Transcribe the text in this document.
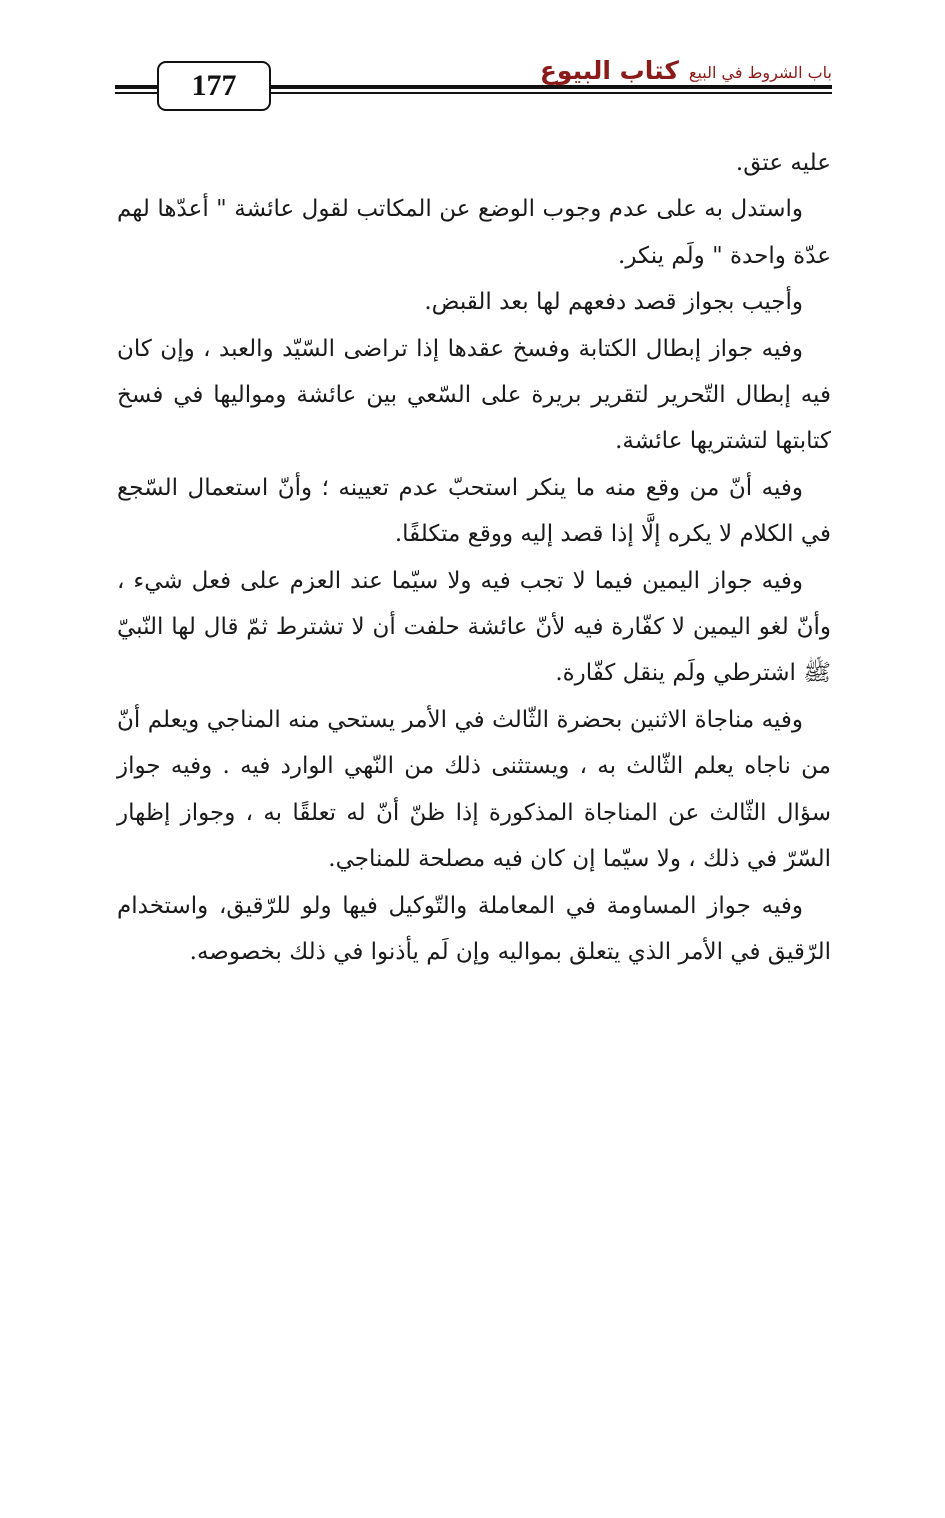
177	كتاب البيوع باب الشروط في البيع

عليه عتق.

واستدل به على عدم وجوب الوضع عن المكاتب لقول عائشة " أعدّها لهم عدّة واحدة " ولَم ينكر.

وأجيب بجواز قصد دفعهم لها بعد القبض.

وفيه جواز إبطال الكتابة وفسخ عقدها إذا تراضى السّيّد والعبد ، وإن كان فيه إبطال التّحرير لتقرير بريرة على السّعي بين عائشة ومواليها في فسخ كتابتها لتشتريها عائشة.

وفيه أنّ من وقع منه ما ينكر استحبّ عدم تعيينه ؛ وأنّ استعمال السّجع في الكلام لا يكره إلَّا إذا قصد إليه ووقع متكلفًا.

وفيه جواز اليمين فيما لا تجب فيه ولا سيّما عند العزم على فعل شيء ، وأنّ لغو اليمين لا كفّارة فيه لأنّ عائشة حلفت أن لا تشترط ثمّ قال لها النّبيّ ﷺ اشترطي ولَم ينقل كفّارة.

وفيه مناجاة الاثنين بحضرة الثّالث في الأمر يستحي منه المناجي ويعلم أنّ من ناجاه يعلم الثّالث به ، ويستثنى ذلك من النّهي الوارد فيه . وفيه جواز سؤال الثّالث عن المناجاة المذكورة إذا ظنّ أنّ له تعلقًا به ، وجواز إظهار السّرّ في ذلك ، ولا سيّما إن كان فيه مصلحة للمناجي.

وفيه جواز المساومة في المعاملة والتّوكيل فيها ولو للرّقيق، واستخدام الرّقيق في الأمر الذي يتعلق بمواليه وإن لَم يأذنوا في ذلك بخصوصه.
